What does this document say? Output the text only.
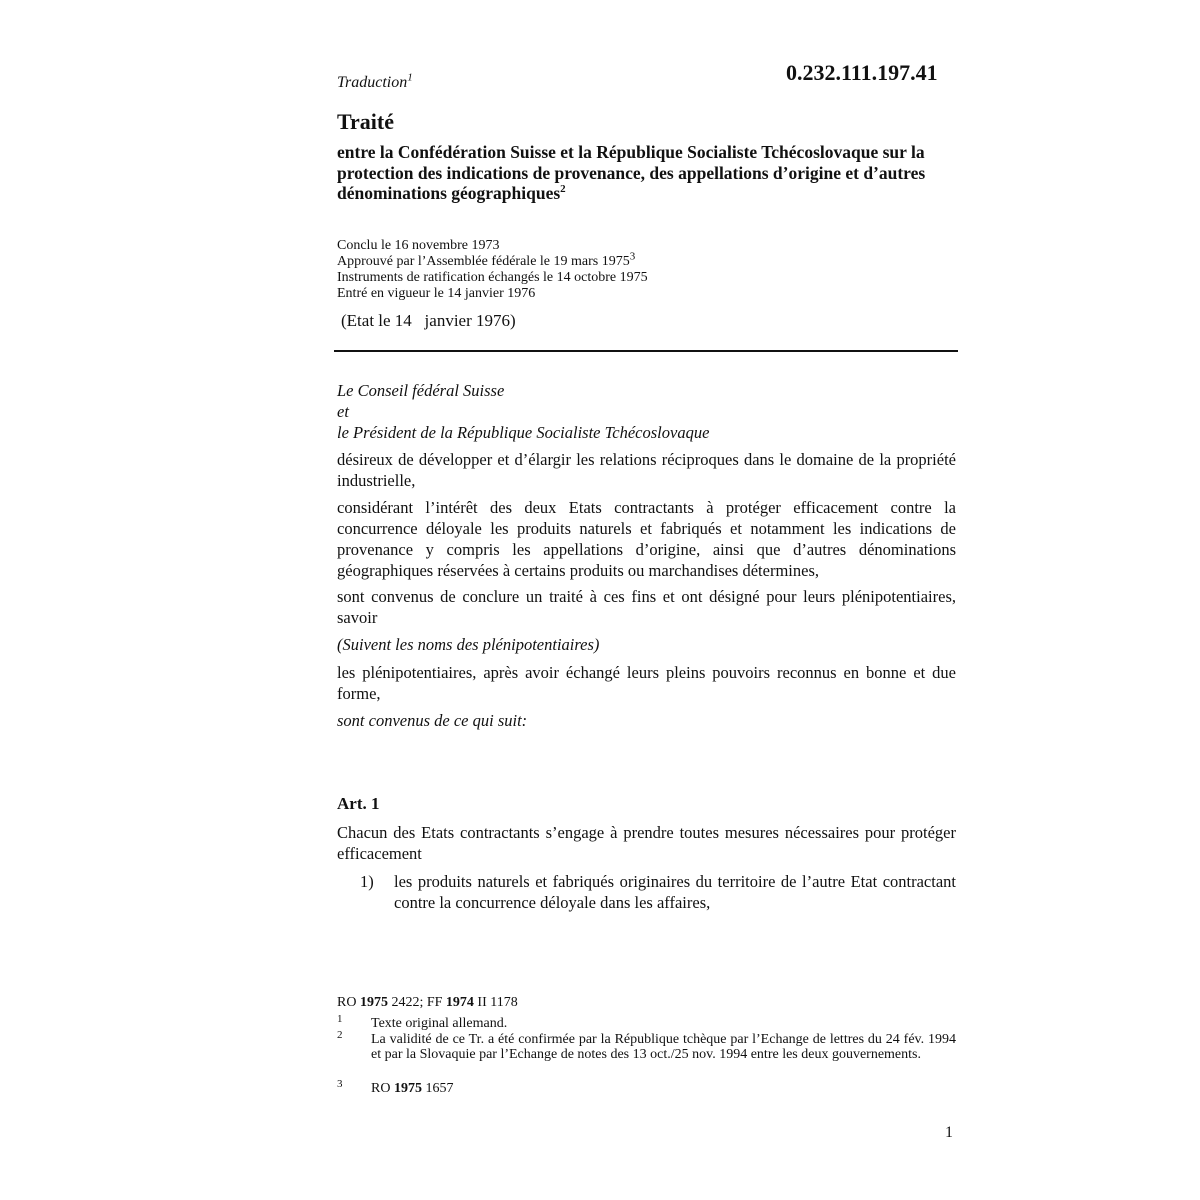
Traduction$^1$	0.232.111.197.41
Traité
entre la Confédération Suisse et la République Socialiste Tchécoslovaque sur la protection des indications de provenance, des appellations d’origine et d’autres dénominations géographiques$^2$
Conclu le 16 novembre 1973
Approuvé par l’Assemblée fédérale le 19 mars 1975$^3$
Instruments de ratification échangés le 14 octobre 1975
Entré en vigueur le 14 janvier 1976
(Etat le 14   janvier 1976)
Le Conseil fédéral Suisse
et
le Président de la République Socialiste Tchécoslovaque
désireux de développer et d’élargir les relations réciproques dans le domaine de la propriété industrielle,
considérant l’intérêt des deux Etats contractants à protéger efficacement contre la concurrence déloyale les produits naturels et fabriqués et notamment les indications de provenance y compris les appellations d’origine, ainsi que d’autres dénominations géographiques réservées à certains produits ou marchandises détermines,
sont convenus de conclure un traité à ces fins et ont désigné pour leurs plénipotentiaires, savoir
(Suivent les noms des plénipotentiaires)
les plénipotentiaires, après avoir échangé leurs pleins pouvoirs reconnus en bonne et due forme,
sont convenus de ce qui suit:
Art. 1
Chacun des Etats contractants s’engage à prendre toutes mesures nécessaires pour protéger efficacement
1) les produits naturels et fabriqués originaires du territoire de l’autre Etat contractant contre la concurrence déloyale dans les affaires,
RO 1975 2422; FF 1974 II 1178
1 Texte original allemand.
2 La validité de ce Tr. a été confirmée par la République tchèque par l’Echange de lettres du 24 fév. 1994 et par la Slovaquie par l’Echange de notes des 13 oct./25 nov. 1994 entre les deux gouvernements.
3 RO 1975 1657
1
